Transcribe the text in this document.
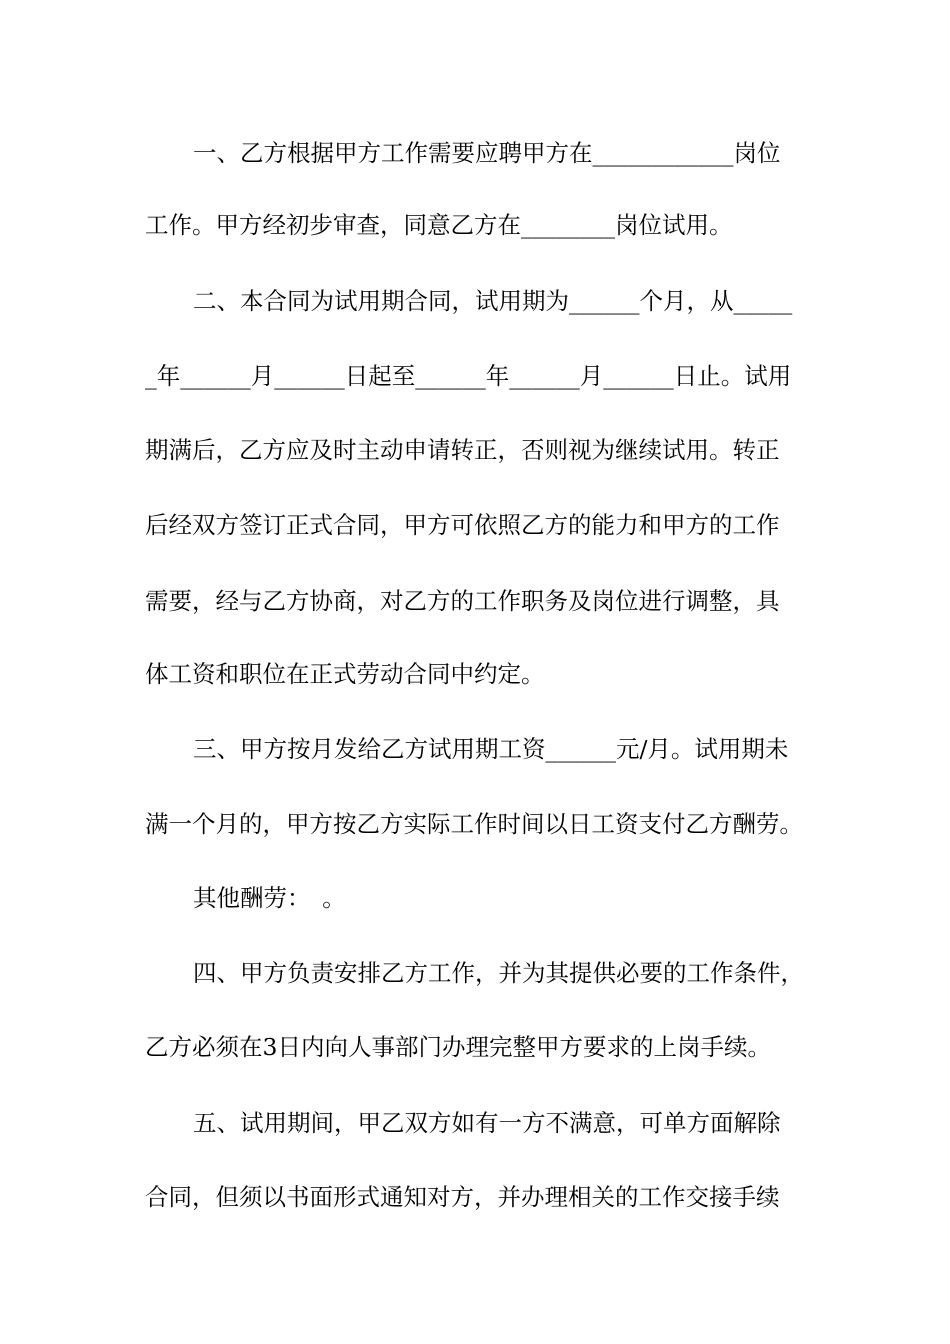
一、乙方根据甲方工作需要应聘甲方在____________岗位
工作。甲方经初步审查，同意乙方在________岗位试用。
二、本合同为试用期合同，试用期为______个月，从_____
_年______月______日起至______年______月______日止。试用
期满后，乙方应及时主动申请转正，否则视为继续试用。转正
后经双方签订正式合同，甲方可依照乙方的能力和甲方的工作
需要，经与乙方协商，对乙方的工作职务及岗位进行调整，具
体工资和职位在正式劳动合同中约定。
三、甲方按月发给乙方试用期工资______元/月。试用期未
满一个月的，甲方按乙方实际工作时间以日工资支付乙方酬劳。
其他酬劳：　。
四、甲方负责安排乙方工作，并为其提供必要的工作条件，
乙方必须在3日内向人事部门办理完整甲方要求的上岗手续。
五、试用期间，甲乙双方如有一方不满意，可单方面解除
合同，但须以书面形式通知对方，并办理相关的工作交接手续
